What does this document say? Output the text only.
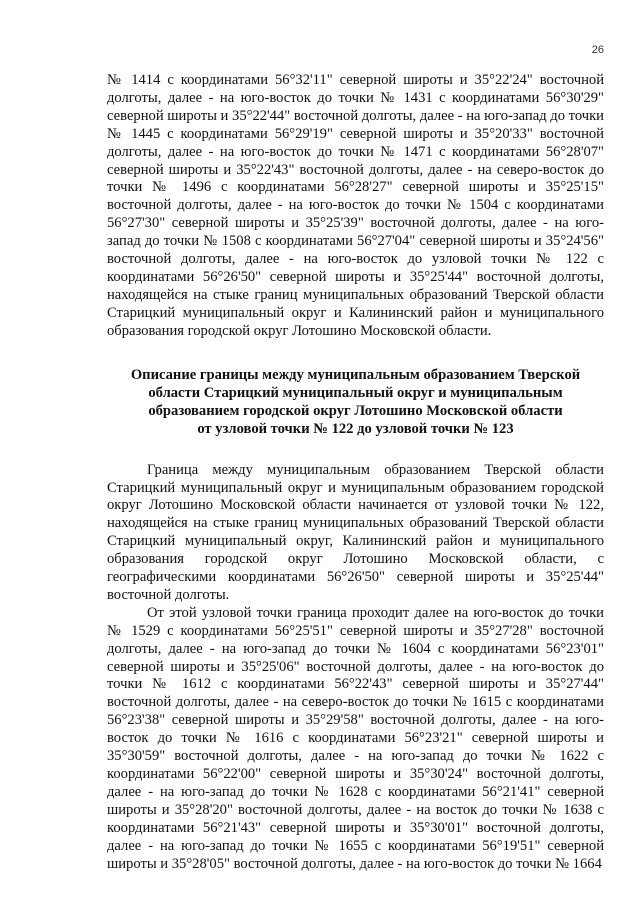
26

№ 1414 с координатами 56°32'11" северной широты и 35°22'24" восточной долготы, далее - на юго-восток до точки № 1431 с координатами 56°30'29" северной широты и 35°22'44" восточной долготы, далее - на юго-запад до точки № 1445 с координатами 56°29'19" северной широты и 35°20'33" восточной долготы, далее - на юго-восток до точки № 1471 с координатами 56°28'07" северной широты и 35°22'43" восточной долготы, далее - на северо-восток до точки № 1496 с координатами 56°28'27" северной широты и 35°25'15" восточной долготы, далее - на юго-восток до точки № 1504 с координатами 56°27'30" северной широты и 35°25'39" восточной долготы, далее - на юго-запад до точки № 1508 с координатами 56°27'04" северной широты и 35°24'56" восточной долготы, далее - на юго-восток до узловой точки № 122 с координатами 56°26'50" северной широты и 35°25'44" восточной долготы, находящейся на стыке границ муниципальных образований Тверской области Старицкий муниципальный округ и Калининский район и муниципального образования городской округ Лотошино Московской области.

Описание границы между муниципальным образованием Тверской
области Старицкий муниципальный округ и муниципальным
образованием городской округ Лотошино Московской области
от узловой точки № 122 до узловой точки № 123

Граница между муниципальным образованием Тверской области Старицкий муниципальный округ и муниципальным образованием городской округ Лотошино Московской области начинается от узловой точки № 122, находящейся на стыке границ муниципальных образований Тверской области Старицкий муниципальный округ, Калининский район и муниципального образования городской округ Лотошино Московской области, с географическими координатами 56°26'50" северной широты и 35°25'44" восточной долготы.

От этой узловой точки граница проходит далее на юго-восток до точки № 1529 с координатами 56°25'51" северной широты и 35°27'28" восточной долготы, далее - на юго-запад до точки № 1604 с координатами 56°23'01" северной широты и 35°25'06" восточной долготы, далее - на юго-восток до точки № 1612 с координатами 56°22'43" северной широты и 35°27'44" восточной долготы, далее - на северо-восток до точки № 1615 с координатами 56°23'38" северной широты и 35°29'58" восточной долготы, далее - на юго-восток до точки № 1616 с координатами 56°23'21" северной широты и 35°30'59" восточной долготы, далее - на юго-запад до точки № 1622 с координатами 56°22'00" северной широты и 35°30'24" восточной долготы, далее - на юго-запад до точки № 1628 с координатами 56°21'41" северной широты и 35°28'20" восточной долготы, далее - на восток до точки № 1638 с координатами 56°21'43" северной широты и 35°30'01" восточной долготы, далее - на юго-запад до точки № 1655 с координатами 56°19'51" северной широты и 35°28'05" восточной долготы, далее - на юго-восток до точки № 1664
